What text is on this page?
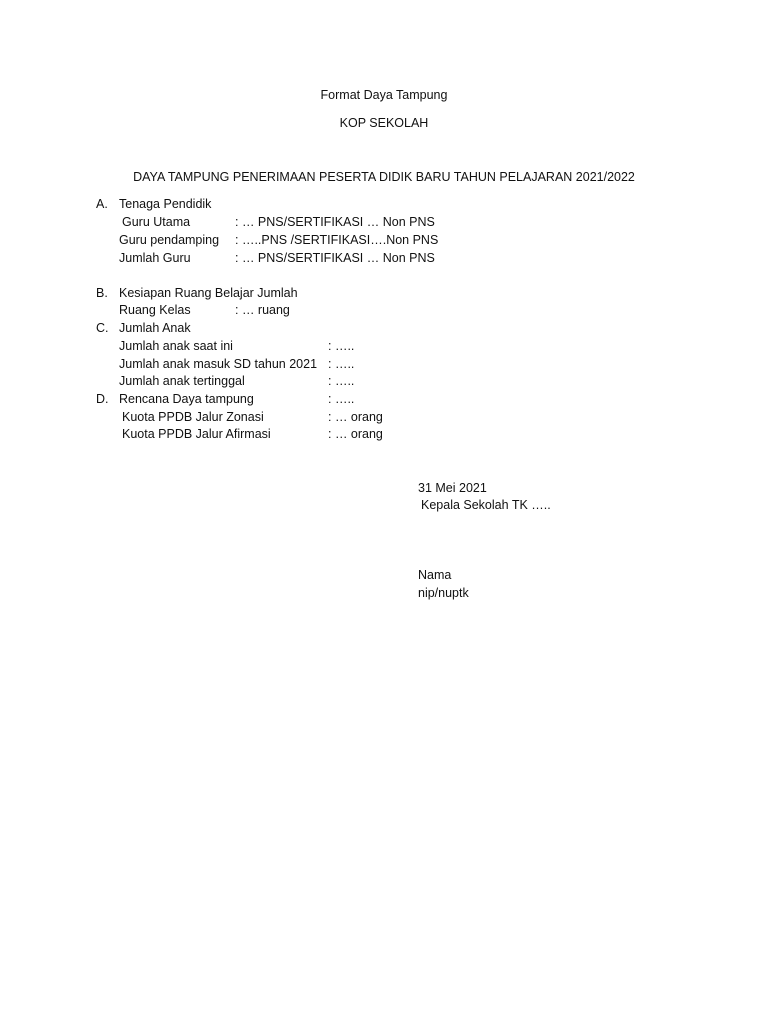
Format Daya Tampung
KOP SEKOLAH
DAYA TAMPUNG PENERIMAAN PESERTA DIDIK BARU TAHUN PELAJARAN 2021/2022
A. Tenaga Pendidik
Guru Utama	: … PNS/SERTIFIKASI … Non PNS
Guru pendamping : …..PNS /SERTIFIKASI….Non PNS
Jumlah Guru	: … PNS/SERTIFIKASI … Non PNS
B. Kesiapan Ruang Belajar Jumlah
Ruang Kelas	: … ruang
C. Jumlah Anak
Jumlah anak saat ini	: …..
Jumlah anak masuk SD tahun 2021 : …..
Jumlah anak tertinggal	: …..
D. Rencana Daya tampung	: …..
Kuota PPDB Jalur Zonasi	: … orang
Kuota PPDB Jalur Afirmasi	: … orang
31 Mei 2021
Kepala Sekolah TK …..
Nama
nip/nuptk
